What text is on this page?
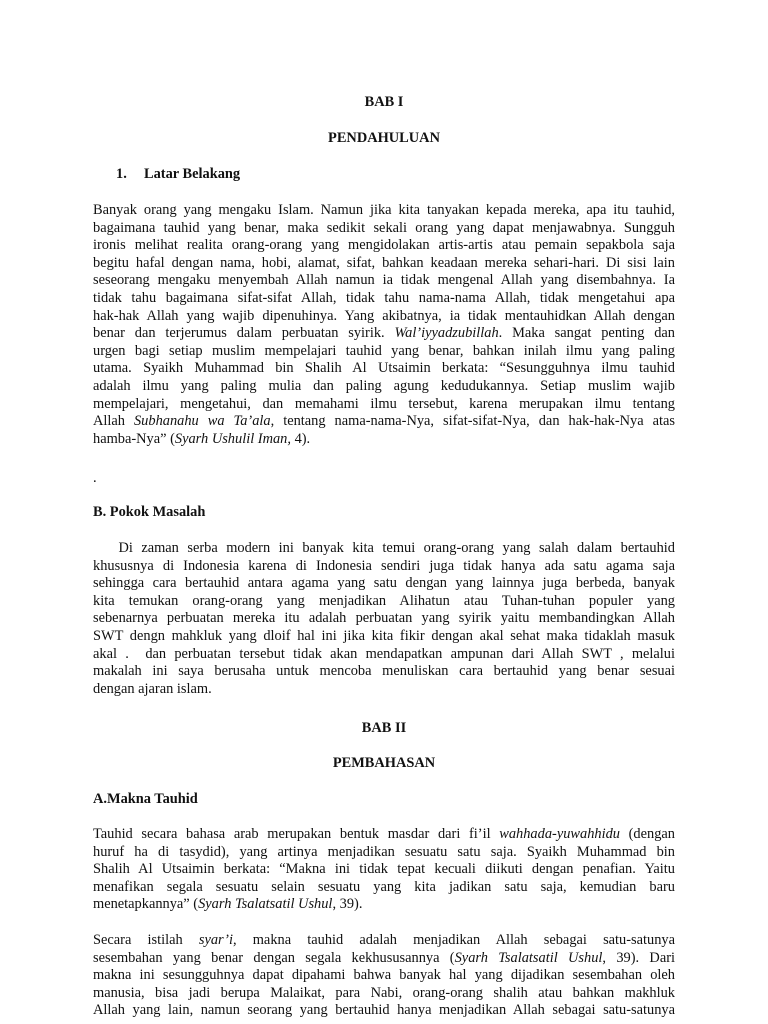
BAB I
PENDAHULUAN
1. Latar Belakang
Banyak orang yang mengaku Islam. Namun jika kita tanyakan kepada mereka, apa itu tauhid,
bagaimana tauhid yang benar, maka sedikit sekali orang yang dapat menjawabnya. Sungguh
ironis melihat realita orang-orang yang mengidolakan artis-artis atau pemain sepakbola saja
begitu hafal dengan nama, hobi, alamat, sifat, bahkan keadaan mereka sehari-hari. Di sisi lain
seseorang mengaku menyembah Allah namun ia tidak mengenal Allah yang disembahnya. Ia
tidak tahu bagaimana sifat-sifat Allah, tidak tahu nama-nama Allah, tidak mengetahui apa
hak-hak Allah yang wajib dipenuhinya. Yang akibatnya, ia tidak mentauhidkan Allah dengan
benar dan terjerumus dalam perbuatan syirik. Wal’iyyadzubillah. Maka sangat penting dan
urgen bagi setiap muslim mempelajari tauhid yang benar, bahkan inilah ilmu yang paling
utama. Syaikh Muhammad bin Shalih Al Utsaimin berkata: “Sesungguhnya ilmu tauhid
adalah ilmu yang paling mulia dan paling agung kedudukannya. Setiap muslim wajib
mempelajari, mengetahui, dan memahami ilmu tersebut, karena merupakan ilmu tentang
Allah Subhanahu wa Ta’ala, tentang nama-nama-Nya, sifat-sifat-Nya, dan hak-hak-Nya atas
hamba-Nya” (Syarh Ushulil Iman, 4).
.
B. Pokok Masalah
Di zaman serba modern ini banyak kita temui orang-orang yang salah dalam bertauhid
khususnya di Indonesia karena di Indonesia sendiri juga tidak hanya ada satu agama saja
sehingga cara bertauhid antara agama yang satu dengan yang lainnya juga berbeda, banyak
kita temukan orang-orang yang menjadikan Alihatun atau Tuhan-tuhan populer yang
sebenarnya perbuatan mereka itu adalah perbuatan yang syirik yaitu membandingkan Allah
SWT dengn mahkluk yang dloif hal ini jika kita fikir dengan akal sehat maka tidaklah masuk
akal .  dan perbuatan tersebut tidak akan mendapatkan ampunan dari Allah SWT , melalui
makalah ini saya berusaha untuk mencoba menuliskan cara bertauhid yang benar sesuai
dengan ajaran islam.
BAB II
PEMBAHASAN
A.Makna Tauhid
Tauhid secara bahasa arab merupakan bentuk masdar dari fi’il wahhada-yuwahhidu (dengan
huruf ha di tasydid), yang artinya menjadikan sesuatu satu saja. Syaikh Muhammad bin
Shalih Al Utsaimin berkata: “Makna ini tidak tepat kecuali diikuti dengan penafian. Yaitu
menafikan segala sesuatu selain sesuatu yang kita jadikan satu saja, kemudian baru
menetapkannya” (Syarh Tsalatsatil Ushul, 39).
Secara istilah syar’i, makna tauhid adalah menjadikan Allah sebagai satu-satunya
sesembahan yang benar dengan segala kekhususannya (Syarh Tsalatsatil Ushul, 39). Dari
makna ini sesungguhnya dapat dipahami bahwa banyak hal yang dijadikan sesembahan oleh
manusia, bisa jadi berupa Malaikat, para Nabi, orang-orang shalih atau bahkan makhluk
Allah yang lain, namun seorang yang bertauhid hanya menjadikan Allah sebagai satu-satunya
